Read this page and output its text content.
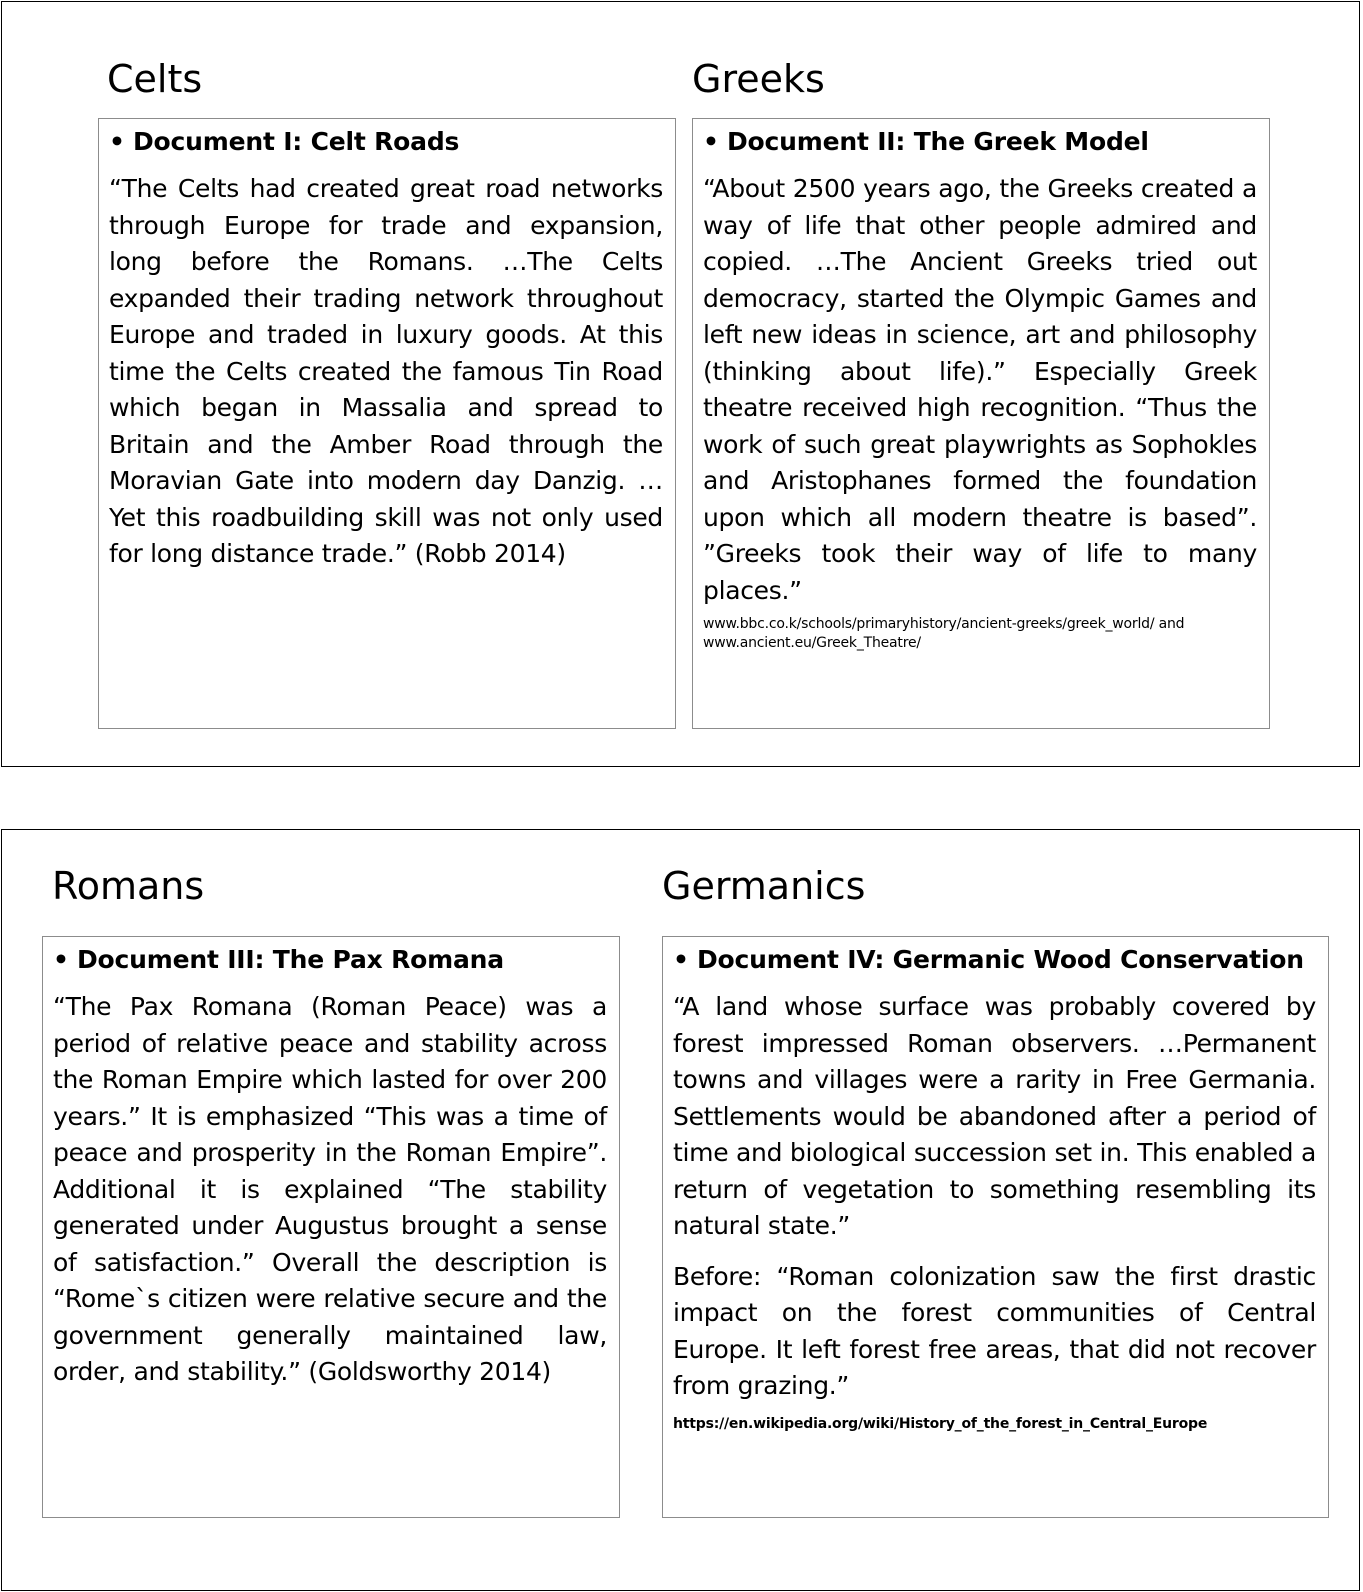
Celts	Greeks
• Document I: Celt Roads
“The Celts had created great road networks through Europe for trade and expansion, long before the Romans. …The Celts expanded their trading network throughout Europe and traded in luxury goods. At this time the Celts created the famous Tin Road which began in Massalia and spread to Britain and the Amber Road through the Moravian Gate into modern day Danzig. …Yet this roadbuilding skill was not only used for long distance trade.” (Robb 2014)
• Document II: The Greek Model
“About 2500 years ago, the Greeks created a way of life that other people admired and copied. …The Ancient Greeks tried out democracy, started the Olympic Games and left new ideas in science, art and philosophy (thinking about life).” Especially Greek theatre received high recognition. “Thus the work of such great playwrights as Sophokles and Aristophanes formed the foundation upon which all modern theatre is based”. ”Greeks took their way of life to many places.”
www.bbc.co.k/schools/primaryhistory/ancient-greeks/greek_world/ and www.ancient.eu/Greek_Theatre/
Romans	Germanics
• Document III: The Pax Romana
“The Pax Romana (Roman Peace) was a period of relative peace and stability across the Roman Empire which lasted for over 200 years.” It is emphasized “This was a time of peace and prosperity in the Roman Empire”. Additional it is explained “The stability generated under Augustus brought a sense of satisfaction.” Overall the description is “Rome`s citizen were relative secure and the government generally maintained law, order, and stability.” (Goldsworthy 2014)
• Document IV: Germanic Wood Conservation
“A land whose surface was probably covered by forest impressed Roman observers. …Permanent towns and villages were a rarity in Free Germania. Settlements would be abandoned after a period of time and biological succession set in. This enabled a return of vegetation to something resembling its natural state.”
Before: “Roman colonization saw the first drastic impact on the forest communities of Central Europe. It left forest free areas, that did not recover from grazing.”
https://en.wikipedia.org/wiki/History_of_the_forest_in_Central_Europe
